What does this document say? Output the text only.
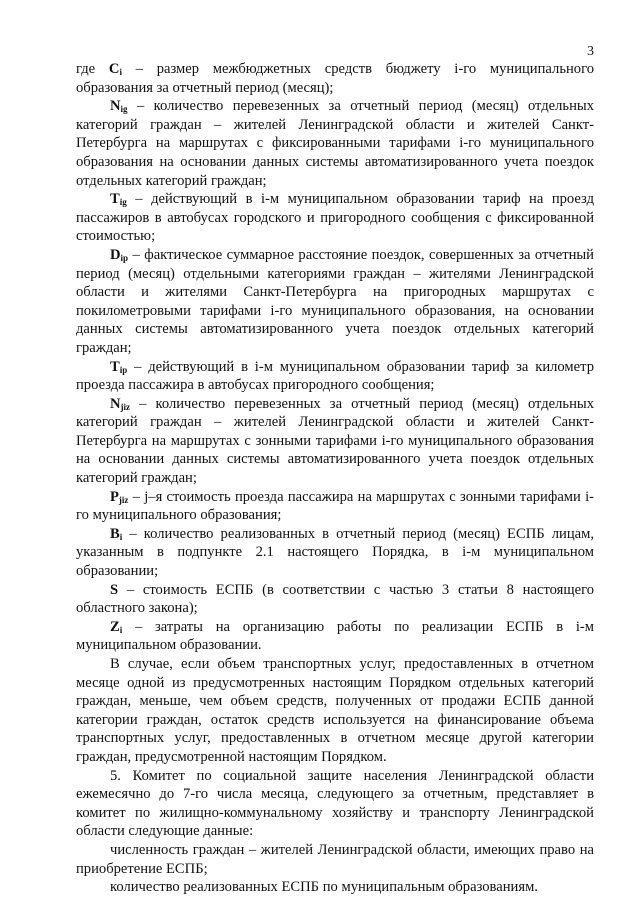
3

где $C_i$ – размер межбюджетных средств бюджету i-го муниципального образования за отчетный период (месяц);

$N_{ig}$ – количество перевезенных за отчетный период (месяц) отдельных категорий граждан – жителей Ленинградской области и жителей Санкт-Петербурга на маршрутах с фиксированными тарифами i-го муниципального образования на основании данных системы автоматизированного учета поездок отдельных категорий граждан;

$T_{ig}$ – действующий в i-м муниципальном образовании тариф на проезд пассажиров в автобусах городского и пригородного сообщения с фиксированной стоимостью;

$D_{ip}$ – фактическое суммарное расстояние поездок, совершенных за отчетный период (месяц) отдельными категориями граждан – жителями Ленинградской области и жителями Санкт-Петербурга на пригородных маршрутах с покилометровыми тарифами i-го муниципального образования, на основании данных системы автоматизированного учета поездок отдельных категорий граждан;

$T_{ip}$ – действующий в i-м муниципальном образовании тариф за километр проезда пассажира в автобусах пригородного сообщения;

$N_{jiz}$ – количество перевезенных за отчетный период (месяц) отдельных категорий граждан – жителей Ленинградской области и жителей Санкт-Петербурга на маршрутах с зонными тарифами i-го муниципального образования на основании данных системы автоматизированного учета поездок отдельных категорий граждан;

$P_{jiz} - j-я$ стоимость проезда пассажира на маршрутах с зонными тарифами i-го муниципального образования;

$B_i$ – количество реализованных в отчетный период (месяц) ЕСПБ лицам, указанным в подпункте 2.1 настоящего Порядка, в i-м муниципальном образовании;

S – стоимость ЕСПБ (в соответствии с частью 3 статьи 8 настоящего областного закона);

$Z_i$ – затраты на организацию работы по реализации ЕСПБ в i-м муниципальном образовании.

В случае, если объем транспортных услуг, предоставленных в отчетном месяце одной из предусмотренных настоящим Порядком отдельных категорий граждан, меньше, чем объем средств, полученных от продажи ЕСПБ данной категории граждан, остаток средств используется на финансирование объема транспортных услуг, предоставленных в отчетном месяце другой категории граждан, предусмотренной настоящим Порядком.

5. Комитет по социальной защите населения Ленинградской области ежемесячно до 7-го числа месяца, следующего за отчетным, представляет в комитет по жилищно-коммунальному хозяйству и транспорту Ленинградской области следующие данные:

численность граждан – жителей Ленинградской области, имеющих право на приобретение ЕСПБ;

количество реализованных ЕСПБ по муниципальным образованиям.
